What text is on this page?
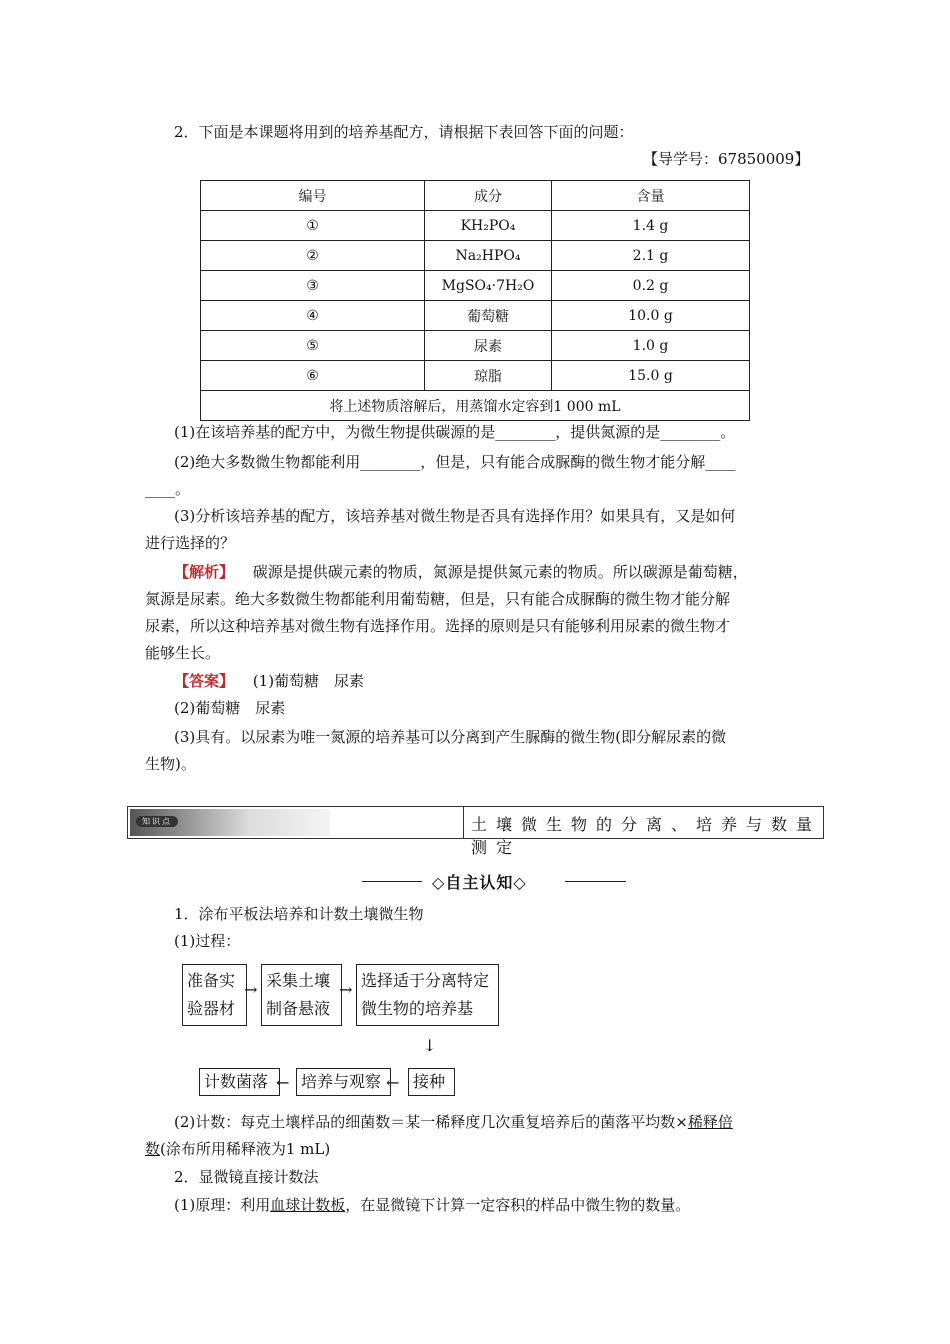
2．下面是本课题将用到的培养基配方，请根据下表回答下面的问题：
【导学号：67850009】
编号	成分	含量
①	KH₂PO₄	1.4 g
②	Na₂HPO₄	2.1 g
③	MgSO₄·7H₂O	0.2 g
④	葡萄糖	10.0 g
⑤	尿素	1.0 g
⑥	琼脂	15.0 g
将上述物质溶解后，用蒸馏水定容到1 000 mL		
(1)在该培养基的配方中，为微生物提供碳源的是________，提供氮源的是________。
(2)绝大多数微生物都能利用________，但是，只有能合成脲酶的微生物才能分解____
____。
(3)分析该培养基的配方，该培养基对微生物是否具有选择作用？如果具有，又是如何
进行选择的？
【解析】 碳源是提供碳元素的物质，氮源是提供氮元素的物质。所以碳源是葡萄糖，
氮源是尿素。绝大多数微生物都能利用葡萄糖，但是，只有能合成脲酶的微生物才能分解
尿素，所以这种培养基对微生物有选择作用。选择的原则是只有能够利用尿素的微生物才
能够生长。
【答案】 (1)葡萄糖　尿素
(2)葡萄糖　尿素
(3)具有。以尿素为唯一氮源的培养基可以分离到产生脲酶的微生物(即分解尿素的微
生物)。
知识点	土壤微生物的分离、培养与数量测定
◇自主认知◇
1．涂布平板法培养和计数土壤微生物
(1)过程：
准备实
验器材
→ 采集土壤
制备悬液
→ 选择适于分离特定
微生物的培养基
↓
接种
←
培养与观察
←
计数菌落
(2)计数：每克土壤样品的细菌数＝某一稀释度几次重复培养后的菌落平均数×稀释倍
数(涂布所用稀释液为1 mL)
2．显微镜直接计数法
(1)原理：利用血球计数板，在显微镜下计算一定容积的样品中微生物的数量。
